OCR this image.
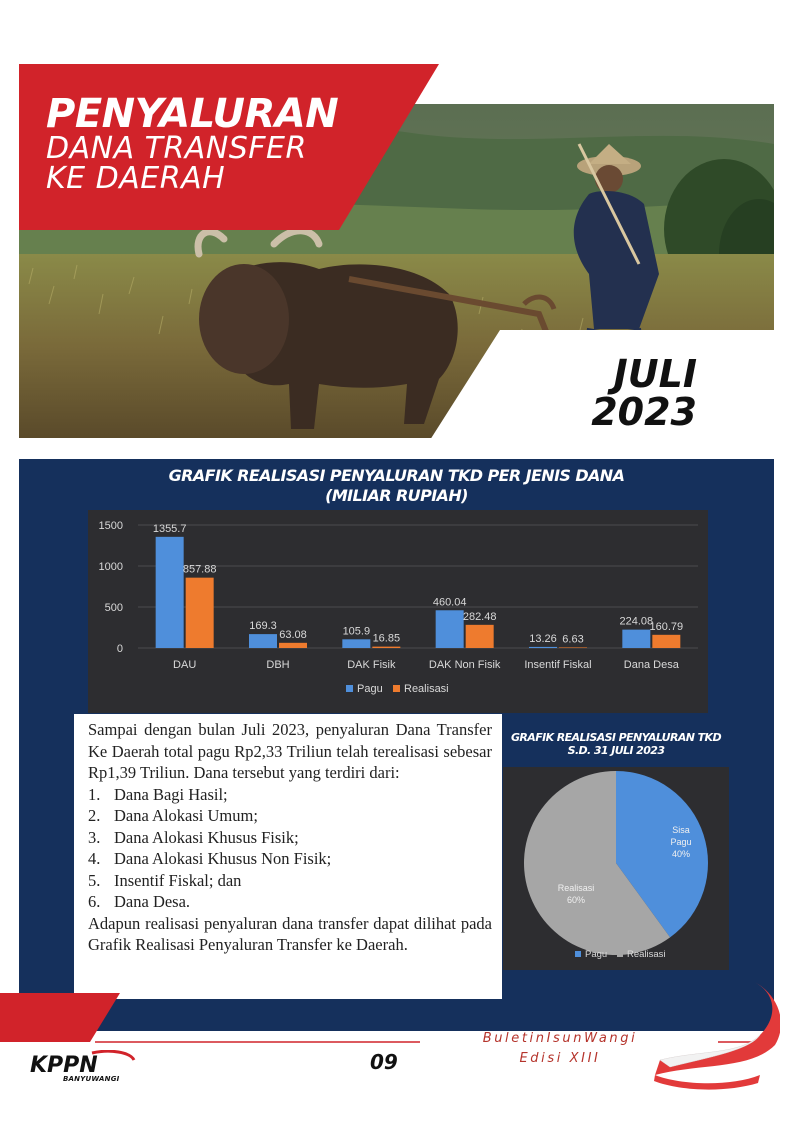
PENYALURAN
DANA TRANSFER
KE DAERAH
JULI
2023
GRAFIK REALISASI PENYALURAN TKD PER JENIS DANA
(MILIAR RUPIAH)
0
500
1000
1500	1355.7
857.88
DAU
169.3
63.08
DBH
105.9
16.85
DAK Fisik
460.04
282.48
DAK Non Fisik
13.26 6.63
Insentif Fiskal
224.08
160.79
Dana Desa
Pagu Realisasi

Sampai dengan bulan Juli 2023, penyaluran Dana Transfer Ke Daerah total pagu Rp2,33 Triliun telah terealisasi sebesar Rp1,39 Triliun. Dana tersebut yang terdiri dari:

1. Dana Bagi Hasil;
2. Dana Alokasi Umum;
3. Dana Alokasi Khusus Fisik;
4. Dana Alokasi Khusus Non Fisik;
5. Insentif Fiskal; dan
6. Dana Desa.

Adapun realisasi penyaluran dana transfer dapat dilihat pada Grafik Realisasi Penyaluran Transfer ke Daerah.

GRAFIK REALISASI PENYALURAN TKD
S.D. 31 JULI 2023
Sisa
Pagu
40%
Realisasi
60%
Pagu Realisasi
BuletinIsunWangi
Edisi XIII
09
KPPN
BANYUWANGI
